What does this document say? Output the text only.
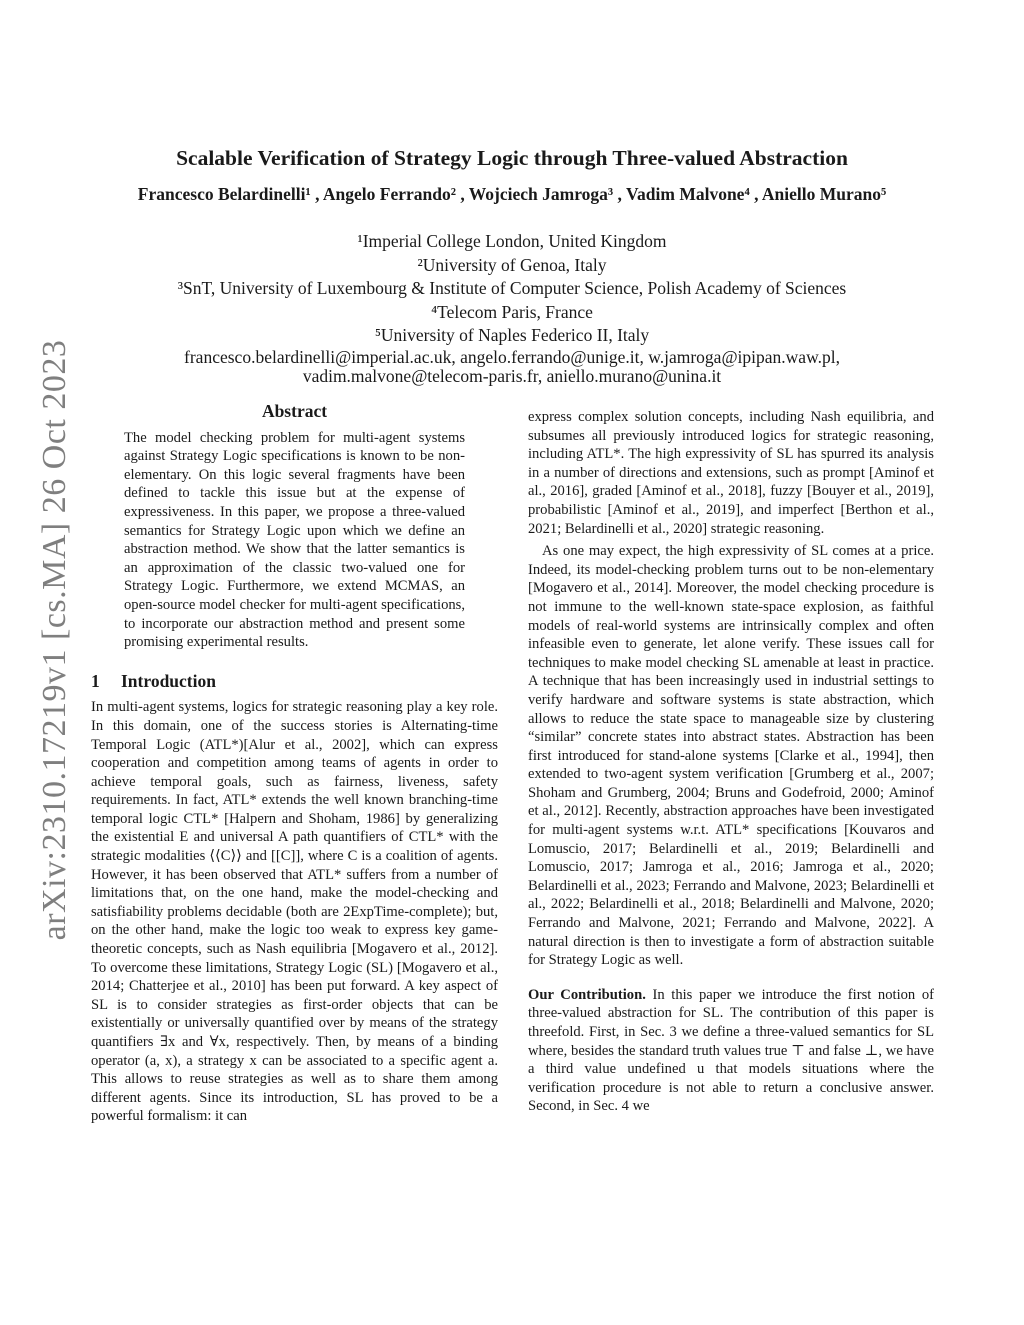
arXiv:2310.17219v1 [cs.MA] 26 Oct 2023
Scalable Verification of Strategy Logic through Three-valued Abstraction
Francesco Belardinelli¹ , Angelo Ferrando² , Wojciech Jamroga³ , Vadim Malvone⁴ , Aniello Murano⁵
¹Imperial College London, United Kingdom
²University of Genoa, Italy
³SnT, University of Luxembourg & Institute of Computer Science, Polish Academy of Sciences
⁴Telecom Paris, France
⁵University of Naples Federico II, Italy
francesco.belardinelli@imperial.ac.uk, angelo.ferrando@unige.it, w.jamroga@ipipan.waw.pl,
vadim.malvone@telecom-paris.fr, aniello.murano@unina.it
Abstract

The model checking problem for multi-agent systems against Strategy Logic specifications is known to be non-elementary. On this logic several fragments have been defined to tackle this issue but at the expense of expressiveness. In this paper, we propose a three-valued semantics for Strategy Logic upon which we define an abstraction method. We show that the latter semantics is an approximation of the classic two-valued one for Strategy Logic. Furthermore, we extend MCMAS, an open-source model checker for multi-agent specifications, to incorporate our abstraction method and present some promising experimental results.

1 Introduction

In multi-agent systems, logics for strategic reasoning play a key role. In this domain, one of the success stories is Alternating-time Temporal Logic (ATL*)[Alur et al., 2002], which can express cooperation and competition among teams of agents in order to achieve temporal goals, such as fairness, liveness, safety requirements. In fact, ATL* extends the well known branching-time temporal logic CTL* [Halpern and Shoham, 1986] by generalizing the existential E and universal A path quantifiers of CTL* with the strategic modalities ⟨⟨C⟩⟩ and [[C]], where C is a coalition of agents. However, it has been observed that ATL* suffers from a number of limitations that, on the one hand, make the model-checking and satisfiability problems decidable (both are 2ExpTime-complete); but, on the other hand, make the logic too weak to express key game-theoretic concepts, such as Nash equilibria [Mogavero et al., 2012]. To overcome these limitations, Strategy Logic (SL) [Mogavero et al., 2014; Chatterjee et al., 2010] has been put forward. A key aspect of SL is to consider strategies as first-order objects that can be existentially or universally quantified over by means of the strategy quantifiers ∃x and ∀x, respectively. Then, by means of a binding operator (a, x), a strategy x can be associated to a specific agent a. This allows to reuse strategies as well as to share them among different agents. Since its introduction, SL has proved to be a powerful formalism: it can

express complex solution concepts, including Nash equilibria, and subsumes all previously introduced logics for strategic reasoning, including ATL*. The high expressivity of SL has spurred its analysis in a number of directions and extensions, such as prompt [Aminof et al., 2016], graded [Aminof et al., 2018], fuzzy [Bouyer et al., 2019], probabilistic [Aminof et al., 2019], and imperfect [Berthon et al., 2021; Belardinelli et al., 2020] strategic reasoning.

As one may expect, the high expressivity of SL comes at a price. Indeed, its model-checking problem turns out to be non-elementary [Mogavero et al., 2014]. Moreover, the model checking procedure is not immune to the well-known state-space explosion, as faithful models of real-world systems are intrinsically complex and often infeasible even to generate, let alone verify. These issues call for techniques to make model checking SL amenable at least in practice. A technique that has been increasingly used in industrial settings to verify hardware and software systems is state abstraction, which allows to reduce the state space to manageable size by clustering “similar” concrete states into abstract states. Abstraction has been first introduced for stand-alone systems [Clarke et al., 1994], then extended to two-agent system verification [Grumberg et al., 2007; Shoham and Grumberg, 2004; Bruns and Godefroid, 2000; Aminof et al., 2012]. Recently, abstraction approaches have been investigated for multi-agent systems w.r.t. ATL* specifications [Kouvaros and Lomuscio, 2017; Belardinelli et al., 2019; Belardinelli and Lomuscio, 2017; Jamroga et al., 2016; Jamroga et al., 2020; Belardinelli et al., 2023; Ferrando and Malvone, 2023; Belardinelli et al., 2022; Belardinelli et al., 2018; Belardinelli and Malvone, 2020; Ferrando and Malvone, 2021; Ferrando and Malvone, 2022]. A natural direction is then to investigate a form of abstraction suitable for Strategy Logic as well.

Our Contribution. In this paper we introduce the first notion of three-valued abstraction for SL. The contribution of this paper is threefold. First, in Sec. 3 we define a three-valued semantics for SL where, besides the standard truth values true ⊤ and false ⊥, we have a third value undefined u that models situations where the verification procedure is not able to return a conclusive answer. Second, in Sec. 4 we
